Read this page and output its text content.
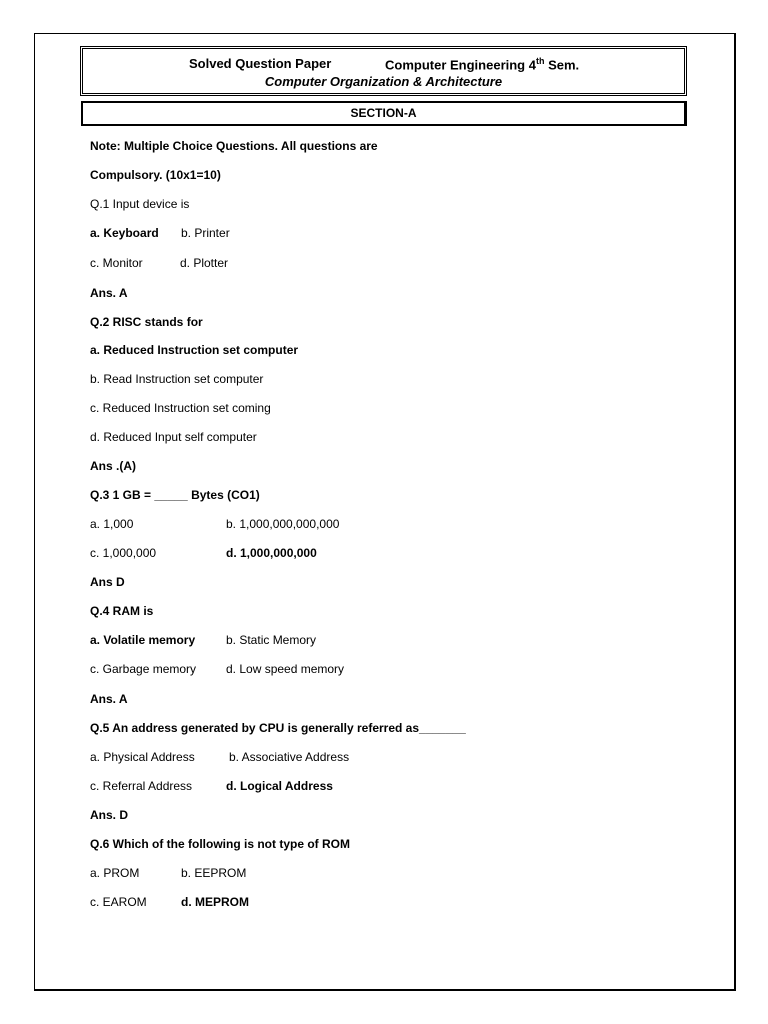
Solved Question Paper	Computer Engineering 4th Sem.
Computer Organization & Architecture
SECTION-A
Note: Multiple Choice Questions. All questions are
Compulsory. (10x1=10)
Q.1 Input device is
a. Keyboard b. Printer
c. Monitor	d. Plotter
Ans. A
Q.2 RISC stands for
a. Reduced Instruction set computer
b. Read Instruction set computer
c. Reduced Instruction set coming
d. Reduced Input self computer
Ans .(A)
Q.3 1 GB = _____ Bytes (CO1)
a. 1,000	b. 1,000,000,000,000
c. 1,000,000	d. 1,000,000,000
Ans D
Q.4 RAM is
a. Volatile memory	b. Static Memory
c. Garbage memory d. Low speed memory
Ans. A
Q.5 An address generated by CPU is generally referred as_______
a. Physical Address	b. Associative Address
c. Referral Address	d. Logical Address
Ans. D
Q.6 Which of the following is not type of ROM
a. PROM	b. EEPROM
c. EAROM	d. MEPROM
